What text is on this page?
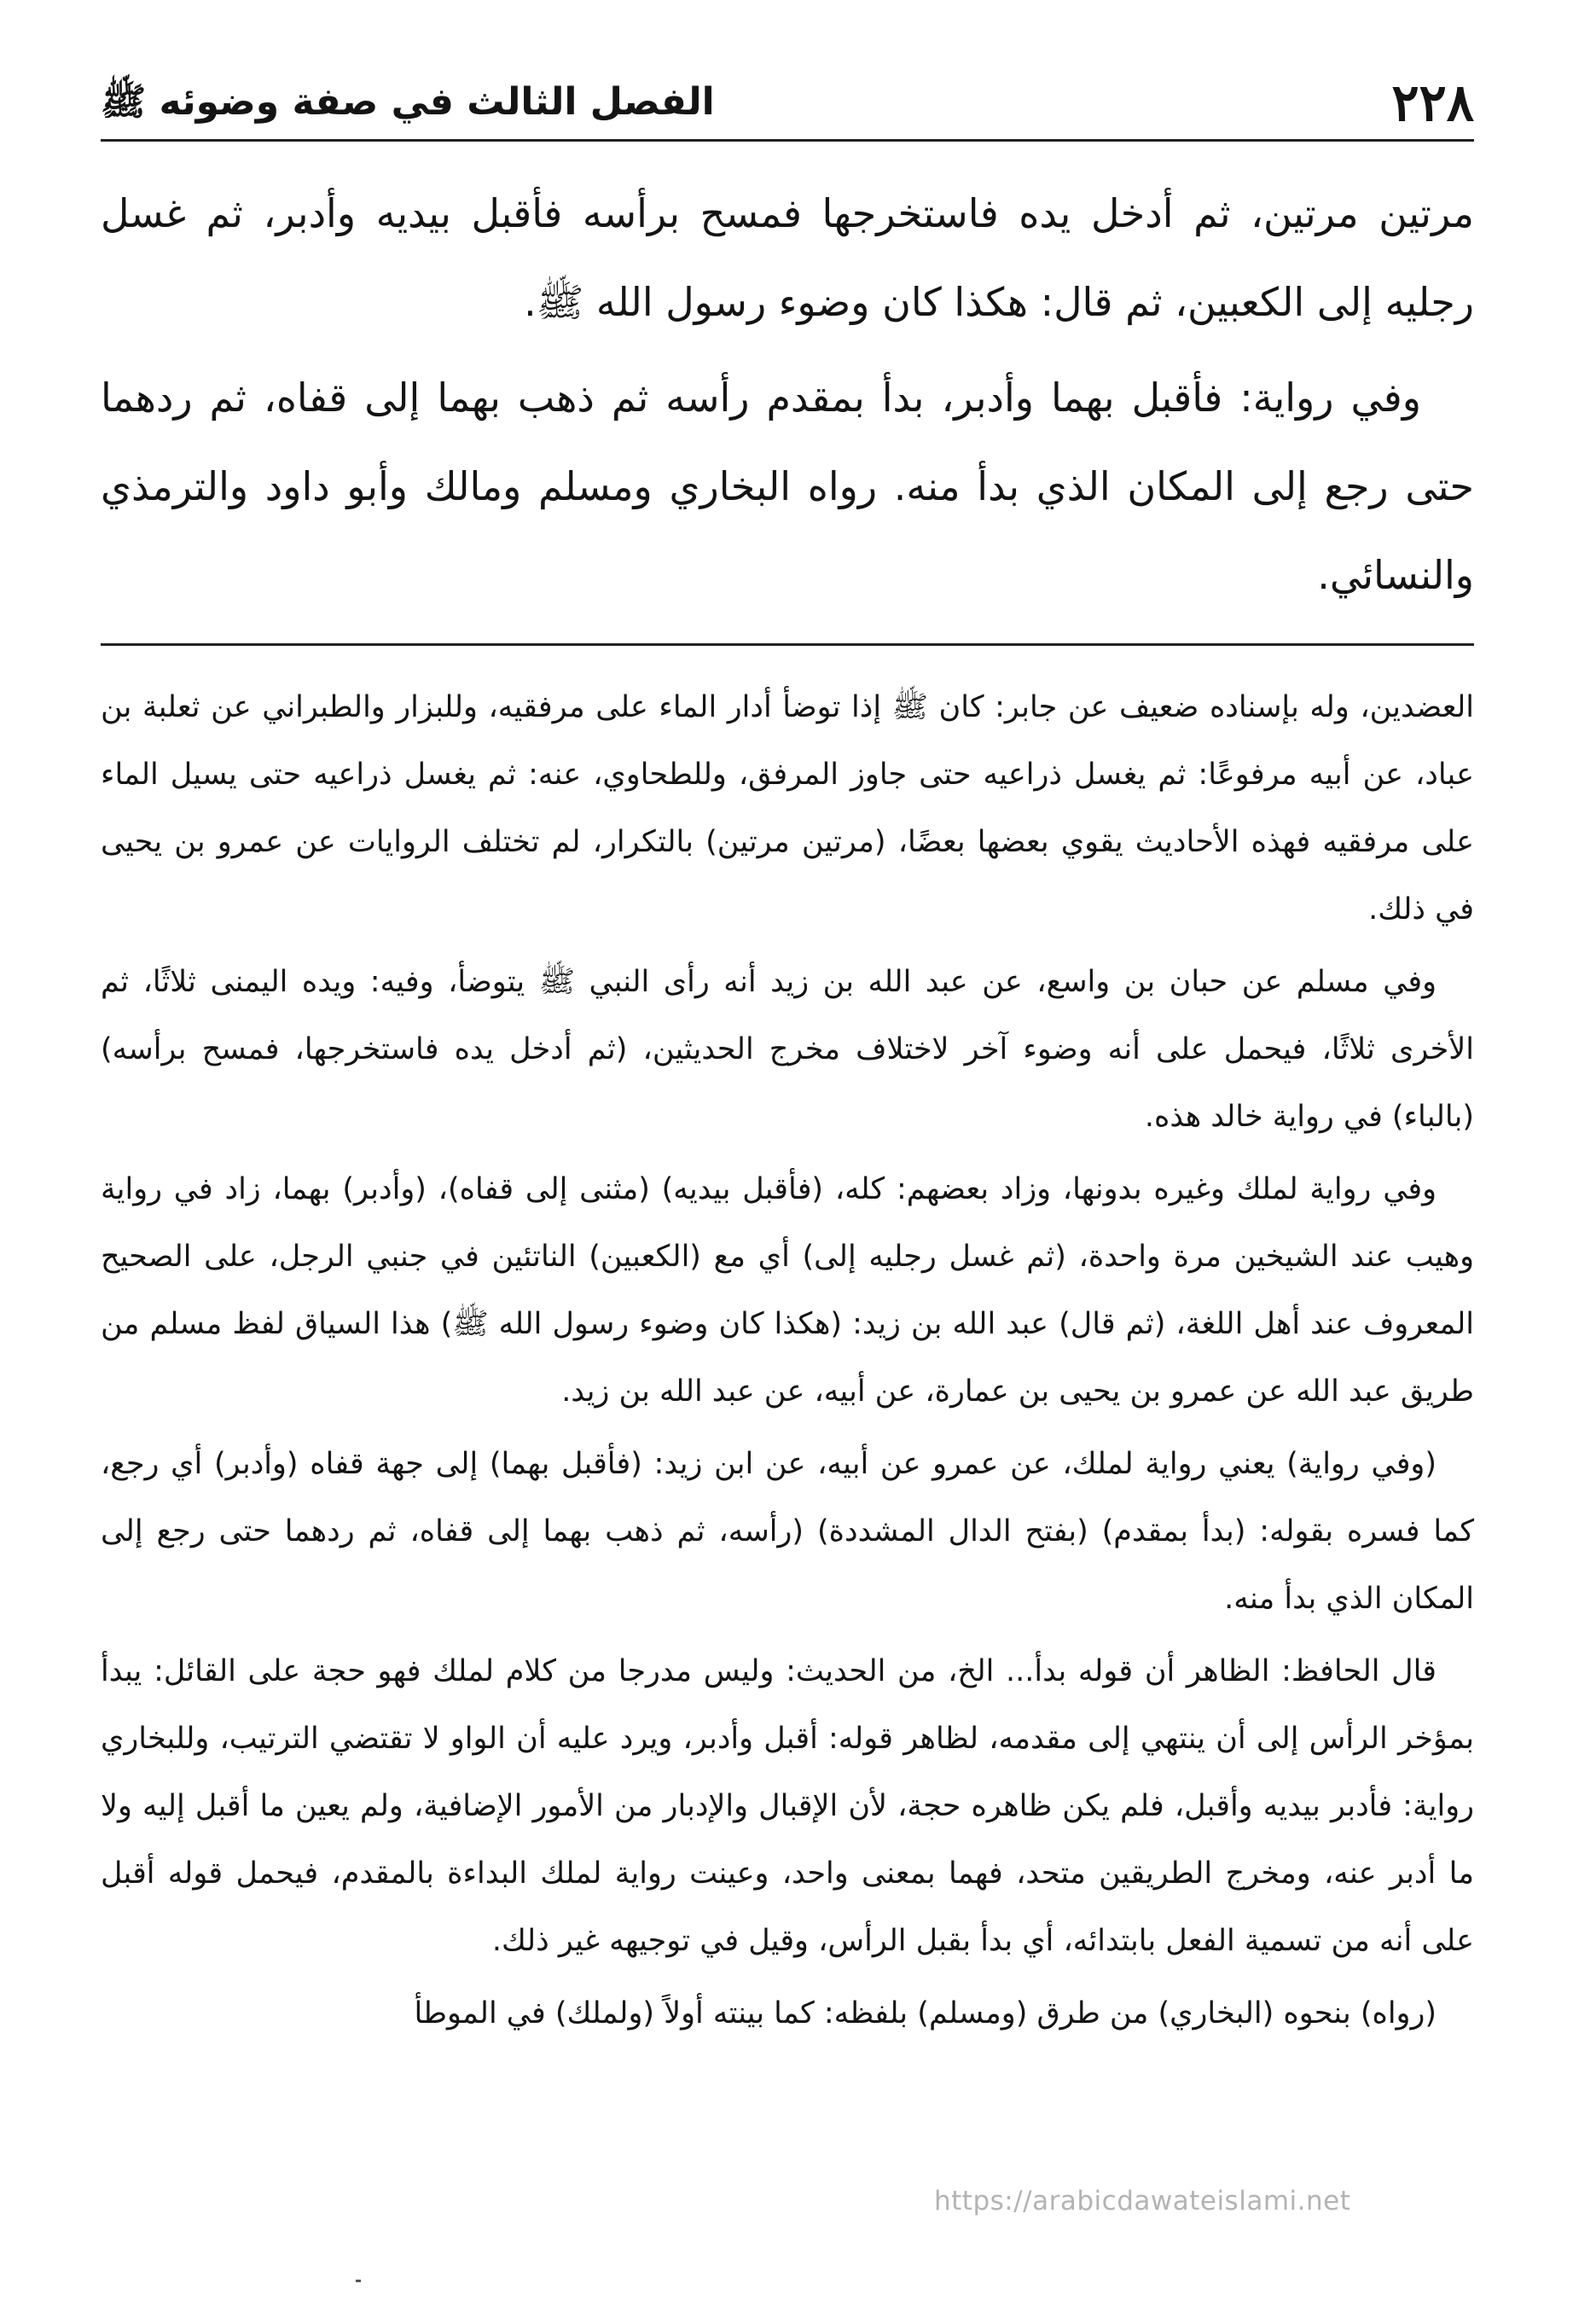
٢٢٨
الفصل الثالث في صفة وضوئه ﷺ

مرتين مرتين، ثم أدخل يده فاستخرجها فمسح برأسه فأقبل بيديه وأدبر، ثم غسل رجليه إلى الكعبين، ثم قال: هكذا كان وضوء رسول الله ﷺ.

وفي رواية: فأقبل بهما وأدبر، بدأ بمقدم رأسه ثم ذهب بهما إلى قفاه، ثم ردهما حتى رجع إلى المكان الذي بدأ منه. رواه البخاري ومسلم ومالك وأبو داود والترمذي والنسائي.

العضدين، وله بإسناده ضعيف عن جابر: كان ﷺ إذا توضأ أدار الماء على مرفقيه، وللبزار والطبراني عن ثعلبة بن عباد، عن أبيه مرفوعًا: ثم يغسل ذراعيه حتى جاوز المرفق، وللطحاوي، عنه: ثم يغسل ذراعيه حتى يسيل الماء على مرفقيه فهذه الأحاديث يقوي بعضها بعضًا، (مرتين مرتين) بالتكرار، لم تختلف الروايات عن عمرو بن يحيى في ذلك.

وفي مسلم عن حبان بن واسع، عن عبد الله بن زيد أنه رأى النبي ﷺ يتوضأ، وفيه: ويده اليمنى ثلاثًا، ثم الأخرى ثلاثًا، فيحمل على أنه وضوء آخر لاختلاف مخرج الحديثين، (ثم أدخل يده فاستخرجها، فمسح برأسه) (بالباء) في رواية خالد هذه.

وفي رواية لملك وغيره بدونها، وزاد بعضهم: كله، (فأقبل بيديه) (مثنى إلى قفاه)، (وأدبر) بهما، زاد في رواية وهيب عند الشيخين مرة واحدة، (ثم غسل رجليه إلى) أي مع (الكعبين) الناتئين في جنبي الرجل، على الصحيح المعروف عند أهل اللغة، (ثم قال) عبد الله بن زيد: (هكذا كان وضوء رسول الله ﷺ) هذا السياق لفظ مسلم من طريق عبد الله عن عمرو بن يحيى بن عمارة، عن أبيه، عن عبد الله بن زيد.

(وفي رواية) يعني رواية لملك، عن عمرو عن أبيه، عن ابن زيد: (فأقبل بهما) إلى جهة قفاه (وأدبر) أي رجع، كما فسره بقوله: (بدأ بمقدم) (بفتح الدال المشددة) (رأسه، ثم ذهب بهما إلى قفاه، ثم ردهما حتى رجع إلى المكان الذي بدأ منه.

قال الحافظ: الظاهر أن قوله بدأ... الخ، من الحديث: وليس مدرجا من كلام لملك فهو حجة على القائل: يبدأ بمؤخر الرأس إلى أن ينتهي إلى مقدمه، لظاهر قوله: أقبل وأدبر، ويرد عليه أن الواو لا تقتضي الترتيب، وللبخاري رواية: فأدبر بيديه وأقبل، فلم يكن ظاهره حجة، لأن الإقبال والإدبار من الأمور الإضافية، ولم يعين ما أقبل إليه ولا ما أدبر عنه، ومخرج الطريقين متحد، فهما بمعنى واحد، وعينت رواية لملك البداءة بالمقدم، فيحمل قوله أقبل على أنه من تسمية الفعل بابتدائه، أي بدأ بقبل الرأس، وقيل في توجيهه غير ذلك.

(رواه) بنحوه (البخاري) من طرق (ومسلم) بلفظه: كما بينته أولاً (ولملك) في الموطأ

https://arabicdawateislami.net
